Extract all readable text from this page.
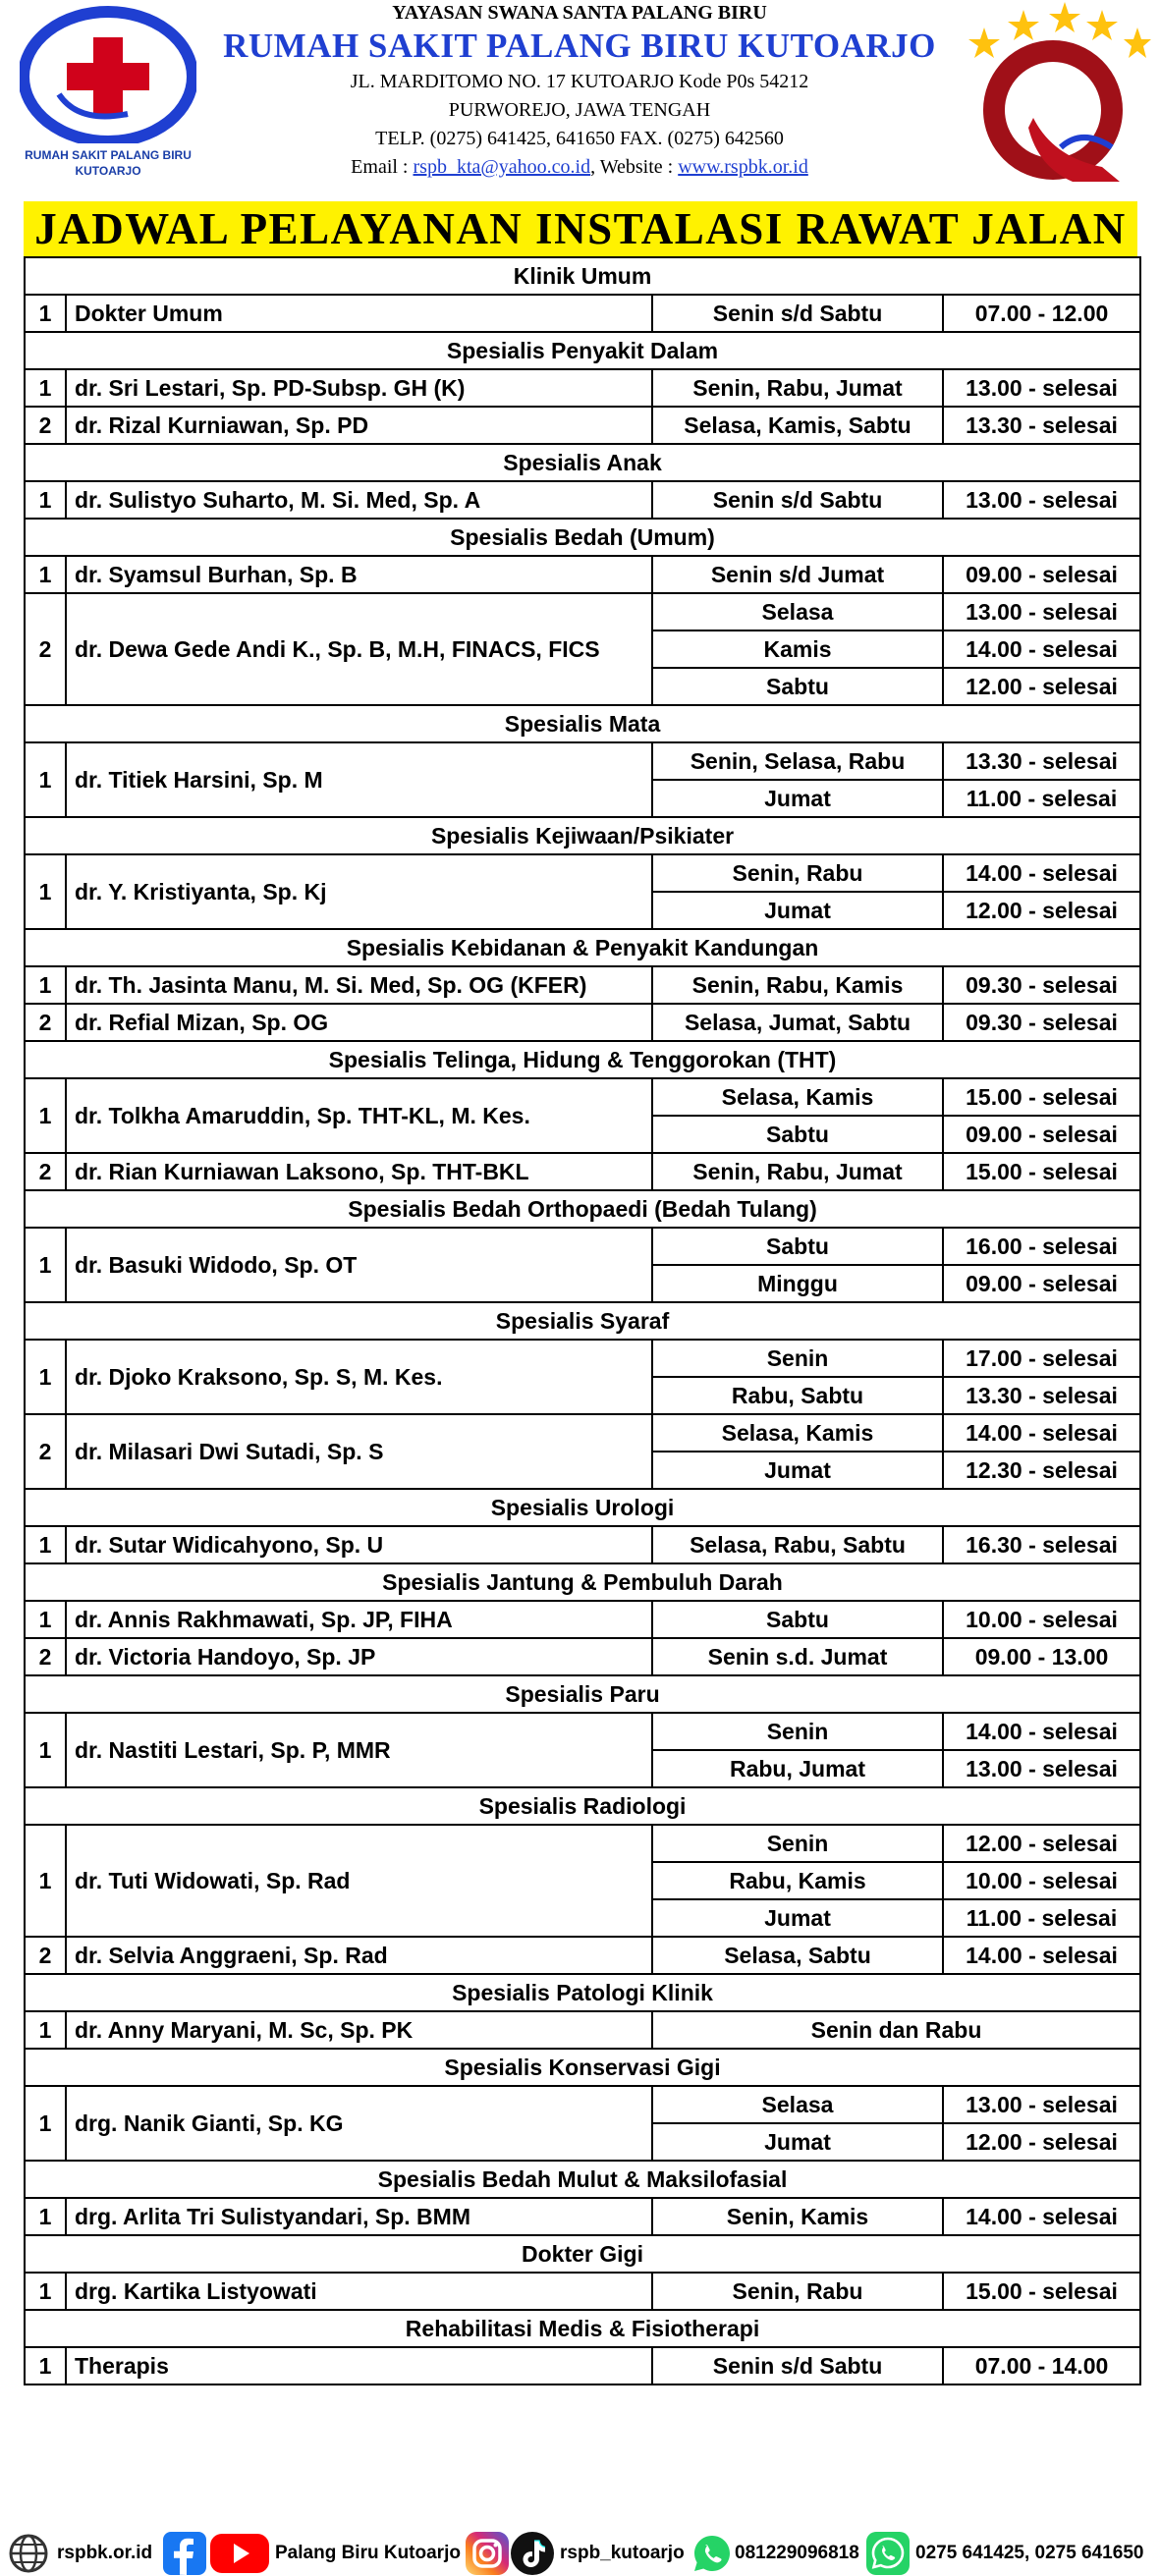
RUMAH SAKIT PALANG BIRU
KUTOARJO
YAYASAN SWANA SANTA PALANG BIRU
RUMAH SAKIT PALANG BIRU KUTOARJO
JL. MARDITOMO NO. 17 KUTOARJO Kode P0s 54212
PURWOREJO, JAWA TENGAH
TELP. (0275) 641425, 641650 FAX. (0275) 642560
Email : rspb_kta@yahoo.co.id, Website : www.rspbk.or.id
JADWAL PELAYANAN INSTALASI RAWAT JALAN
Klinik Umum			
1	Dokter Umum	Senin s/d Sabtu	07.00 - 12.00
Spesialis Penyakit Dalam			
1	dr. Sri Lestari, Sp. PD-Subsp. GH (K)	Senin, Rabu, Jumat	13.00 - selesai
2	dr. Rizal Kurniawan, Sp. PD	Selasa, Kamis, Sabtu	13.30 - selesai
Spesialis Anak			
1	dr. Sulistyo Suharto, M. Si. Med, Sp. A	Senin s/d Sabtu	13.00 - selesai
Spesialis Bedah (Umum)			
1	dr. Syamsul Burhan, Sp. B	Senin s/d Jumat	09.00 - selesai
2	dr. Dewa Gede Andi K., Sp. B, M.H, FINACS, FICS	Selasa	13.00 - selesai
		Kamis	14.00 - selesai
		Sabtu	12.00 - selesai
Spesialis Mata			
1	dr. Titiek Harsini, Sp. M	Senin, Selasa, Rabu	13.30 - selesai
		Jumat	11.00 - selesai
Spesialis Kejiwaan/Psikiater			
1	dr. Y. Kristiyanta, Sp. Kj	Senin, Rabu	14.00 - selesai
		Jumat	12.00 - selesai
Spesialis Kebidanan & Penyakit Kandungan			
1	dr. Th. Jasinta Manu, M. Si. Med, Sp. OG (KFER)	Senin, Rabu, Kamis	09.30 - selesai
2	dr. Refial Mizan, Sp. OG	Selasa, Jumat, Sabtu	09.30 - selesai
Spesialis Telinga, Hidung & Tenggorokan (THT)			
1	dr. Tolkha Amaruddin, Sp. THT-KL, M. Kes.	Selasa, Kamis	15.00 - selesai
		Sabtu	09.00 - selesai
2	dr. Rian Kurniawan Laksono, Sp. THT-BKL	Senin, Rabu, Jumat	15.00 - selesai
Spesialis Bedah Orthopaedi (Bedah Tulang)			
1	dr. Basuki Widodo, Sp. OT	Sabtu	16.00 - selesai
		Minggu	09.00 - selesai
Spesialis Syaraf			
1	dr. Djoko Kraksono, Sp. S, M. Kes.	Senin	17.00 - selesai
		Rabu, Sabtu	13.30 - selesai
2	dr. Milasari Dwi Sutadi, Sp. S	Selasa, Kamis	14.00 - selesai
		Jumat	12.30 - selesai
Spesialis Urologi			
1	dr. Sutar Widicahyono, Sp. U	Selasa, Rabu, Sabtu	16.30 - selesai
Spesialis Jantung & Pembuluh Darah			
1	dr. Annis Rakhmawati, Sp. JP, FIHA	Sabtu	10.00 - selesai
2	dr. Victoria Handoyo, Sp. JP	Senin s.d. Jumat	09.00 - 13.00
Spesialis Paru			
1	dr. Nastiti Lestari, Sp. P, MMR	Senin	14.00 - selesai
		Rabu, Jumat	13.00 - selesai
Spesialis Radiologi			
1	dr. Tuti Widowati, Sp. Rad	Senin	12.00 - selesai
		Rabu, Kamis	10.00 - selesai
		Jumat	11.00 - selesai
2	dr. Selvia Anggraeni, Sp. Rad	Selasa, Sabtu	14.00 - selesai
Spesialis Patologi Klinik			
1	dr. Anny Maryani, M. Sc, Sp. PK	Senin dan Rabu	
Spesialis Konservasi Gigi			
1	drg. Nanik Gianti, Sp. KG	Selasa	13.00 - selesai
		Jumat	12.00 - selesai
Spesialis Bedah Mulut & Maksilofasial			
1	drg. Arlita Tri Sulistyandari, Sp. BMM	Senin, Kamis	14.00 - selesai
Dokter Gigi			
1	drg. Kartika Listyowati	Senin, Rabu	15.00 - selesai
Rehabilitasi Medis & Fisiotherapi			
1	Therapis	Senin s/d Sabtu	07.00 - 14.00
rspbk.or.id	Palang Biru Kutoarjo	rspb_kutoarjo	081229096818	0275 641425, 0275 641650
